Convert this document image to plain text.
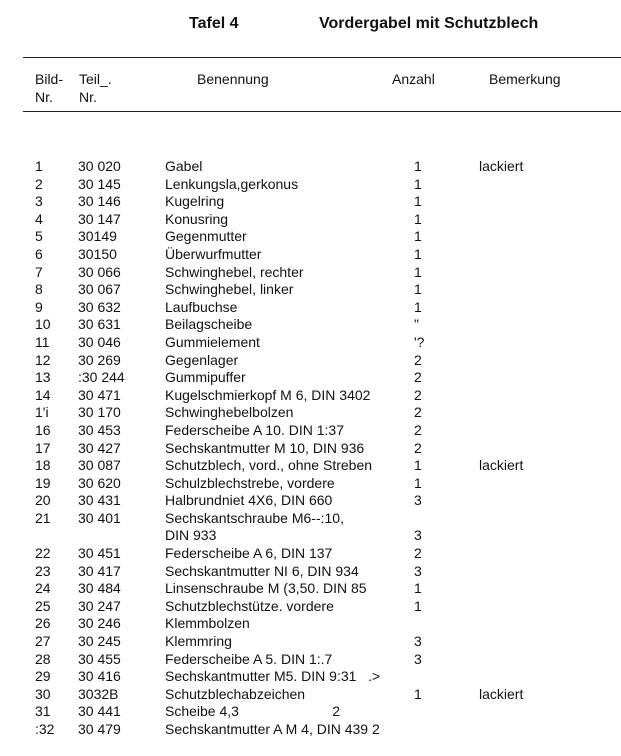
Tafel 4	Vordergabel mit Schutzblech
Bild-
Nr.
Teil_.
Nr.
Benennung	Anzahl	Bemerkung
1	30 020	Gabel	1	lackiert
2	30 145	Lenkungsla,gerkonus	1
3	30 146	Kugelring	1
4	30 147	Konusring	1
5	30149	Gegenmutter	1
6	30150	Überwurfmutter	1
7	30 066	Schwinghebel, rechter	1
8	30 067	Schwinghebel, linker	1
9	30 632	Laufbuchse	1
10 30 631	Beilagscheibe	"
11 30 046	Gummielement	'?
12 30 269	Gegenlager	2
13 :30 244	Gummipuffer	2
14 30 471	Kugelschmierkopf M 6, DIN 3402	2
1'i 30 170	Schwinghebelbolzen	2
16 30 453	Federscheibe A 10. DIN 1:37	2
17 30 427	Sechskantmutter M 10, DIN 936	2
18 30 087	Schutzblech, vord., ohne Streben	1	lackiert
19 30 620	Schulzblechstrebe, vordere	1
20 30 431	Halbrundniet 4X6, DIN 660	3
21 30 401	Sechskantschraube M6--:10,
DIN 933	3
22 30 451	Federscheibe A 6, DIN 137	2
23 30 417	Sechskantmutter NI 6, DIN 934	3
24 30 484	Linsenschraube M (3,50. DIN 85	1
25 30 247	Schutzblechstütze. vordere	1
26 30 246	Klemmbolzen
27 30 245	Klemmring	3
28 30 455	Federscheibe A 5. DIN 1:.7	3
29 30 416	Sechskantmutter M5. DIN 9:31   .>
30 3032B	Schutzblechabzeichen	1	lackiert
31 30 441	Scheibe 4,3                        2
:32 30 479	Sechskantmutter A M 4, DIN 439 2
